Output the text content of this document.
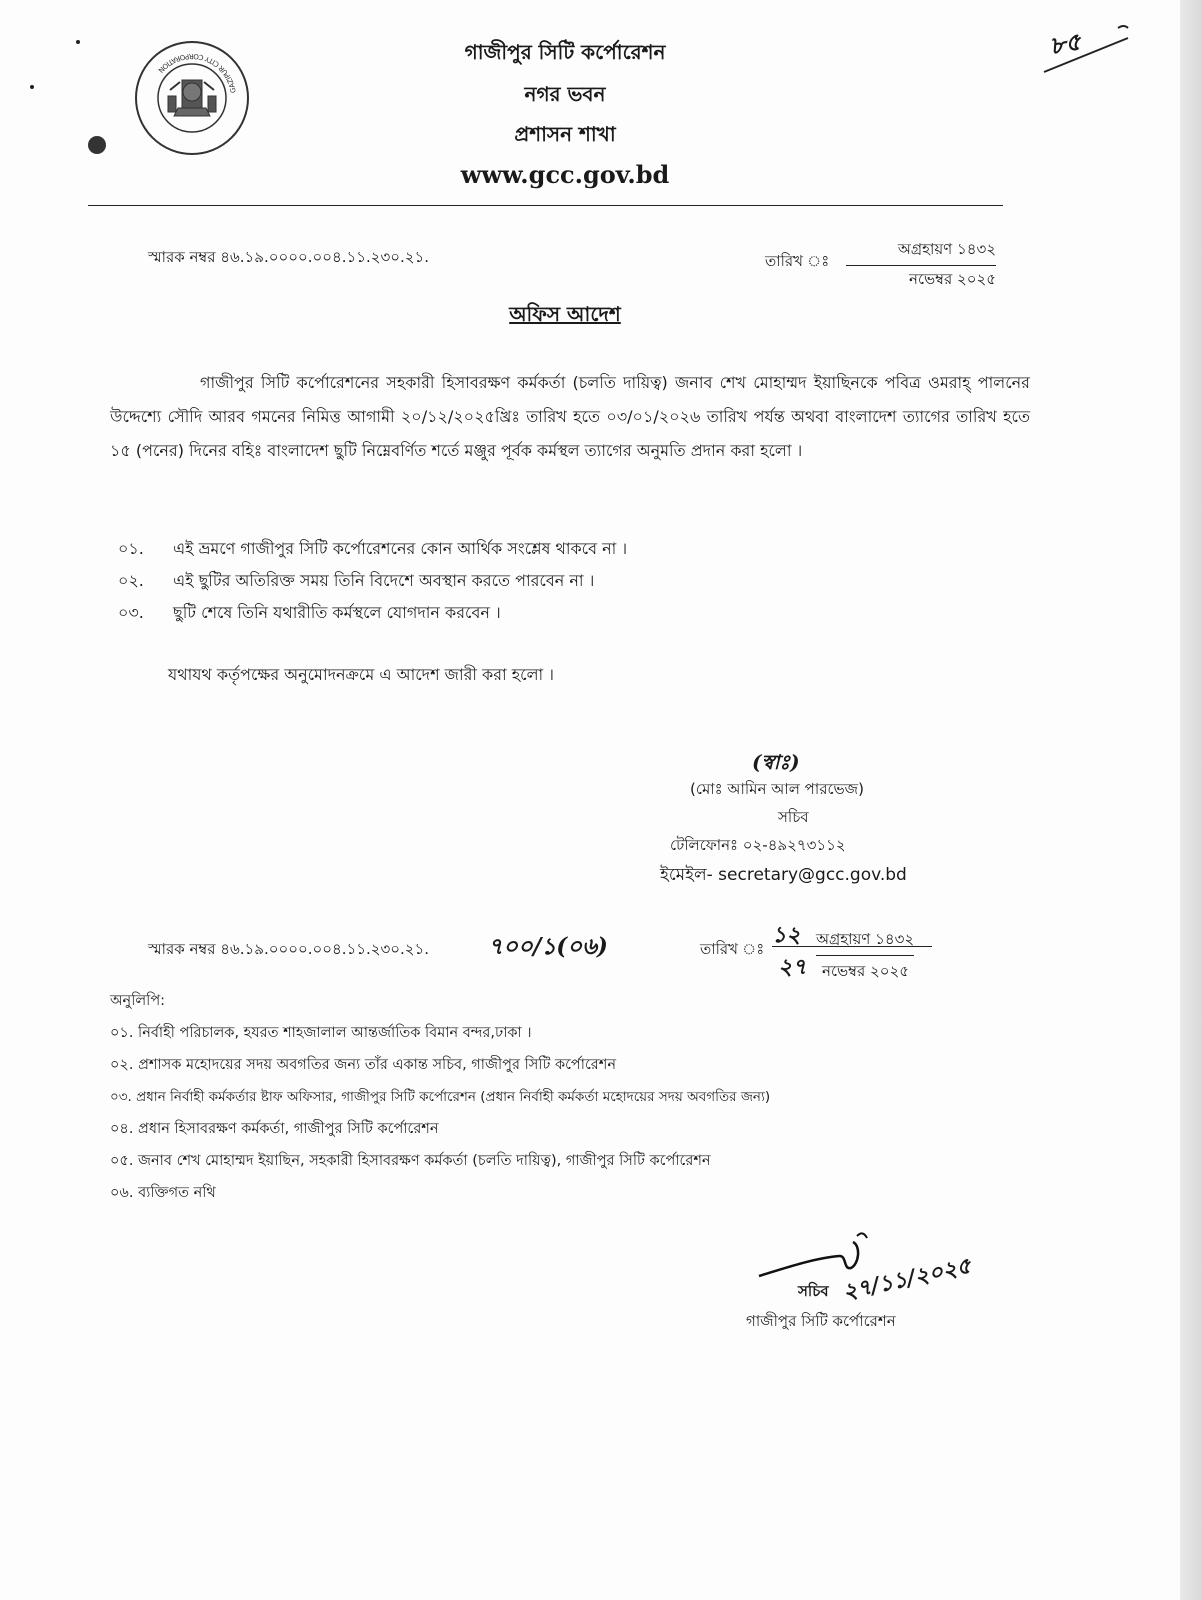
GAZIPUR CITY CORPORATION
গাজীপুর সিটি কর্পোরেশন
নগর ভবন
প্রশাসন শাখা
www.gcc.gov.bd
৮৫
স্মারক নম্বর ৪৬.১৯.০০০০.০০৪.১১.২৩০.২১.	তারিখ ঃ
অগ্রহায়ণ ১৪৩২
নভেম্বর ২০২৫
অফিস আদেশ
গাজীপুর সিটি কর্পোরেশনের সহকারী হিসাবরক্ষণ কর্মকর্তা (চলতি দায়িত্ব) জনাব শেখ মোহাম্মদ ইয়াছিনকে পবিত্র ওমরাহ্ পালনের উদ্দেশ্যে সৌদি আরব গমনের নিমিত্ত আগামী ২০/১২/২০২৫খ্রিঃ তারিখ হতে ০৩/০১/২০২৬ তারিখ পর্যন্ত অথবা বাংলাদেশ ত্যাগের তারিখ হতে ১৫ (পনের) দিনের বহিঃ বাংলাদেশ ছুটি নিম্নেবর্ণিত শর্তে মঞ্জুর পূর্বক কর্মস্থল ত্যাগের অনুমতি প্রদান করা হলো ।
০১.	এই ভ্রমণে গাজীপুর সিটি কর্পোরেশনের কোন আর্থিক সংশ্লেষ থাকবে না ।
০২.	এই ছুটির অতিরিক্ত সময় তিনি বিদেশে অবস্থান করতে পারবেন না ।
০৩.	ছুটি শেষে তিনি যথারীতি কর্মস্থলে যোগদান করবেন ।
যথাযথ কর্তৃপক্ষের অনুমোদনক্রমে এ আদেশ জারী করা হলো ।
(স্বাঃ)
(মোঃ আমিন আল পারভেজ)
সচিব
টেলিফোনঃ ০২-৪৯২৭৩১১২
ইমেইল- secretary@gcc.gov.bd
স্মারক নম্বর ৪৬.১৯.০০০০.০০৪.১১.২৩০.২১.	৭০০/১(০৬)	তারিখ ঃ
১২ অগ্রহায়ণ ১৪৩২
২৭ নভেম্বর ২০২৫
অনুলিপি:
০১. নির্বাহী পরিচালক, হযরত শাহজালাল আন্তর্জাতিক বিমান বন্দর,ঢাকা ।
০২. প্রশাসক মহোদয়ের সদয় অবগতির জন্য তাঁর একান্ত সচিব, গাজীপুর সিটি কর্পোরেশন
০৩. প্রধান নির্বাহী কর্মকর্তার ষ্টাফ অফিসার, গাজীপুর সিটি কর্পোরেশন (প্রধান নির্বাহী কর্মকর্তা মহোদয়ের সদয় অবগতির জন্য)
০৪. প্রধান হিসাবরক্ষণ কর্মকর্তা, গাজীপুর সিটি কর্পোরেশন
০৫. জনাব শেখ মোহাম্মদ ইয়াছিন, সহকারী হিসাবরক্ষণ কর্মকর্তা (চলতি দায়িত্ব), গাজীপুর সিটি কর্পোরেশন
০৬. ব্যক্তিগত নথি
সচিব ২৭/১১/২০২৫
গাজীপুর সিটি কর্পোরেশন
